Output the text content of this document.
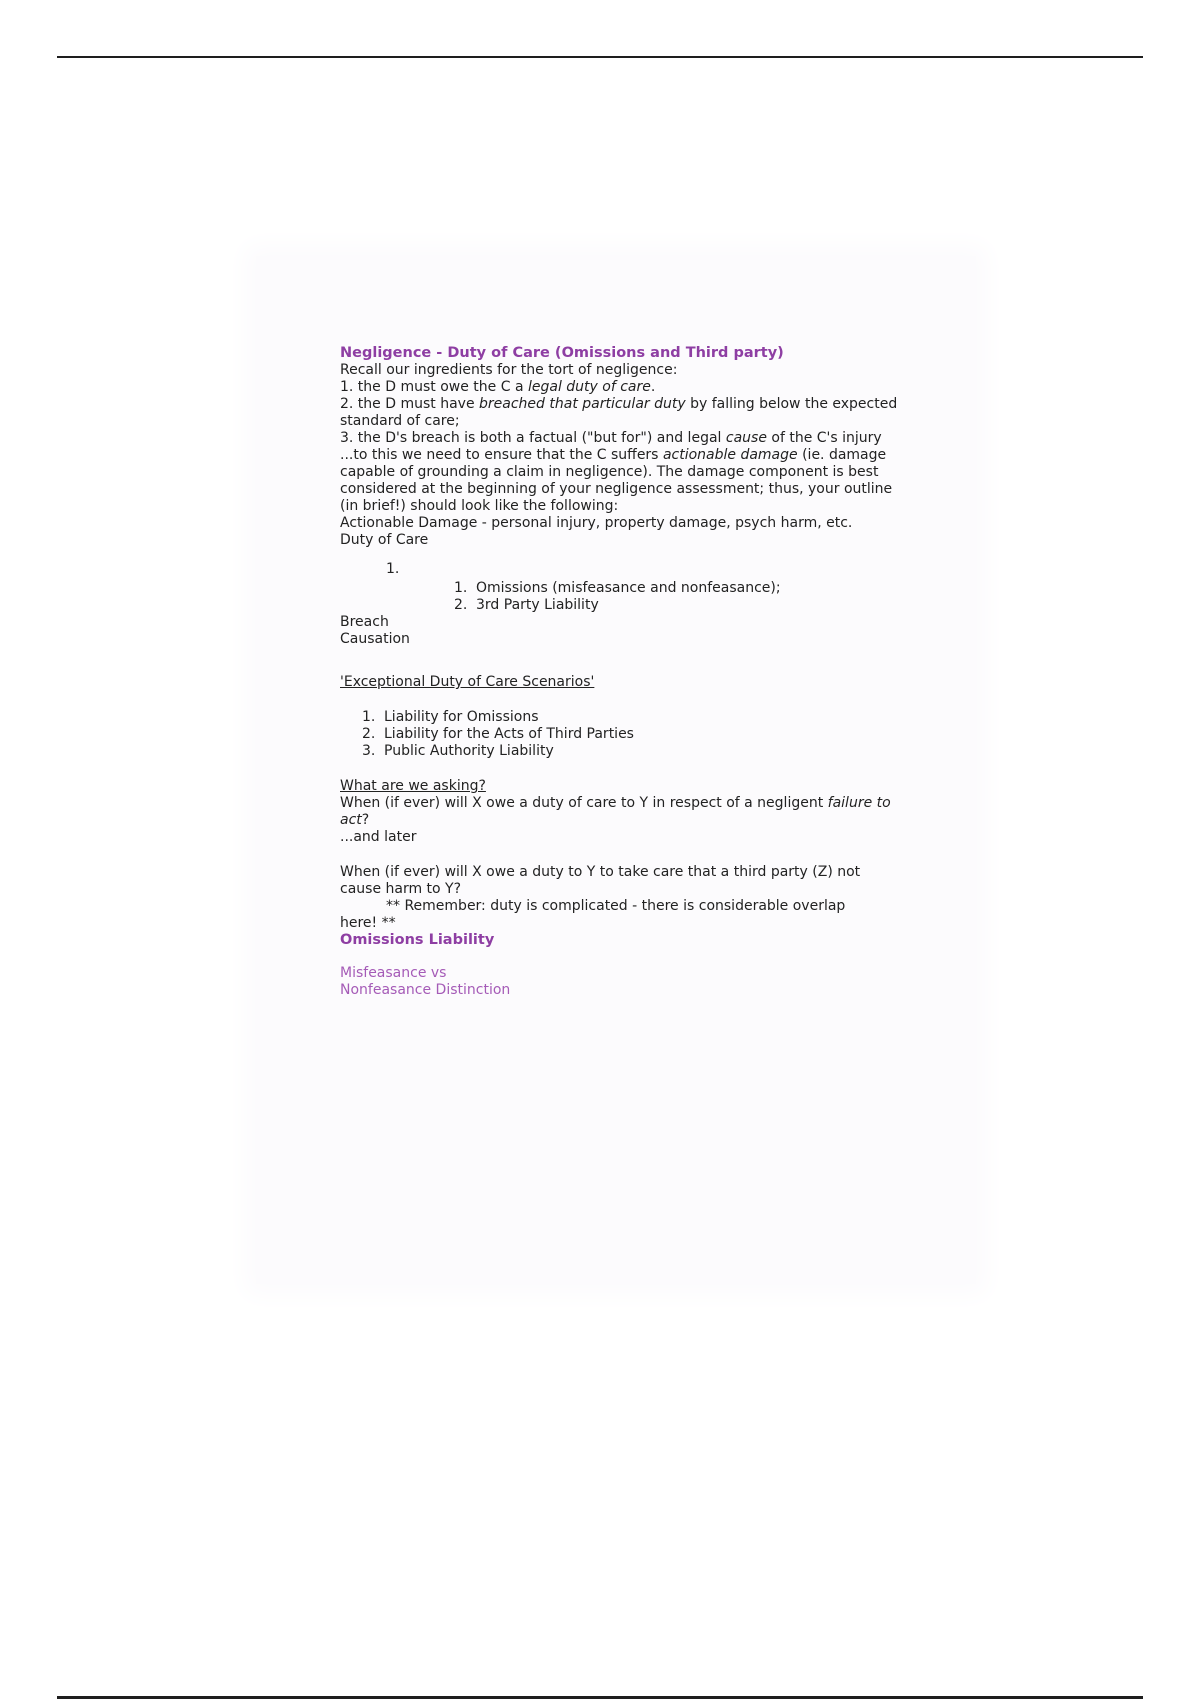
Negligence - Duty of Care (Omissions and Third party)

Recall our ingredients for the tort of negligence:

1. the D must owe the C a legal duty of care.

2. the D must have breached that particular duty by falling below the expected standard of care;

3. the D's breach is both a factual ("but for") and legal cause of the C's injury

...to this we need to ensure that the C suffers actionable damage (ie. damage capable of grounding a claim in negligence). The damage component is best considered at the beginning of your negligence assessment; thus, your outline (in brief!) should look like the following:

Actionable Damage - personal injury, property damage, psych harm, etc.

Duty of Care

1.
1. Omissions (misfeasance and nonfeasance);
2. 3rd Party Liability

Breach

Causation

'Exceptional Duty of Care Scenarios'

1. Liability for Omissions
2. Liability for the Acts of Third Parties
3. Public Authority Liability

What are we asking?

When (if ever) will X owe a duty of care to Y in respect of a negligent failure to act?

...and later

When (if ever) will X owe a duty to Y to take care that a third party (Z) not cause harm to Y?

** Remember: duty is complicated - there is considerable overlap

here! **

Omissions Liability

Misfeasance vs
Nonfeasance Distinction
